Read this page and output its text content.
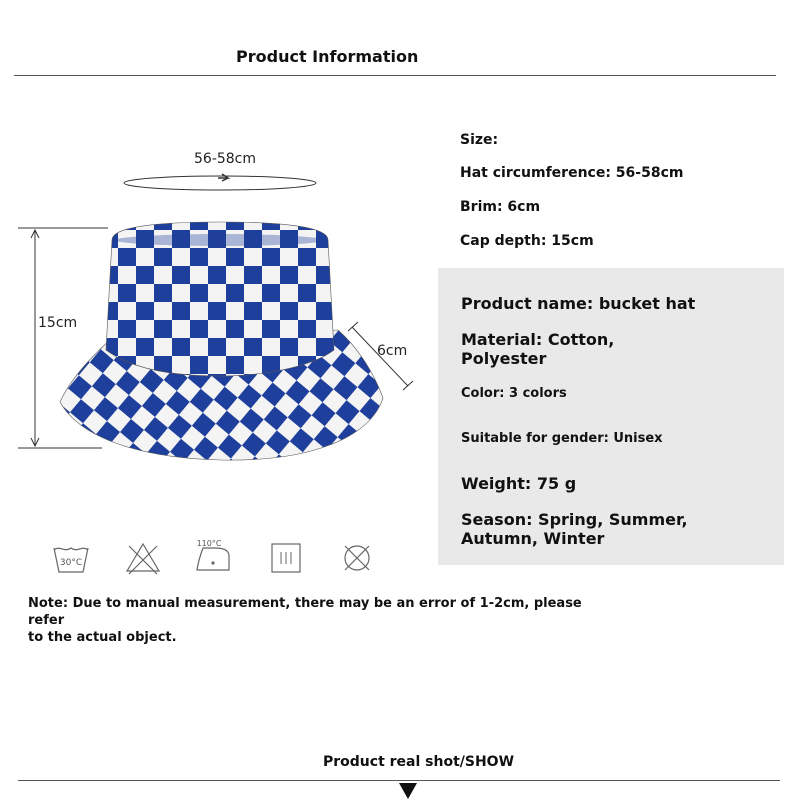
Product Information
56-58cm
15cm
6cm
Size:
Hat circumference: 56-58cm
Brim: 6cm
Cap depth: 15cm
Product name: bucket hat
Material: Cotton,
Polyester
Color: 3 colors
Suitable for gender: Unisex
Weight: 75 g
Season: Spring, Summer,
Autumn, Winter
30°C
110°C
Note: Due to manual measurement, there may be an error of 1-2cm, please refer
to the actual object.
Product real shot/SHOW
